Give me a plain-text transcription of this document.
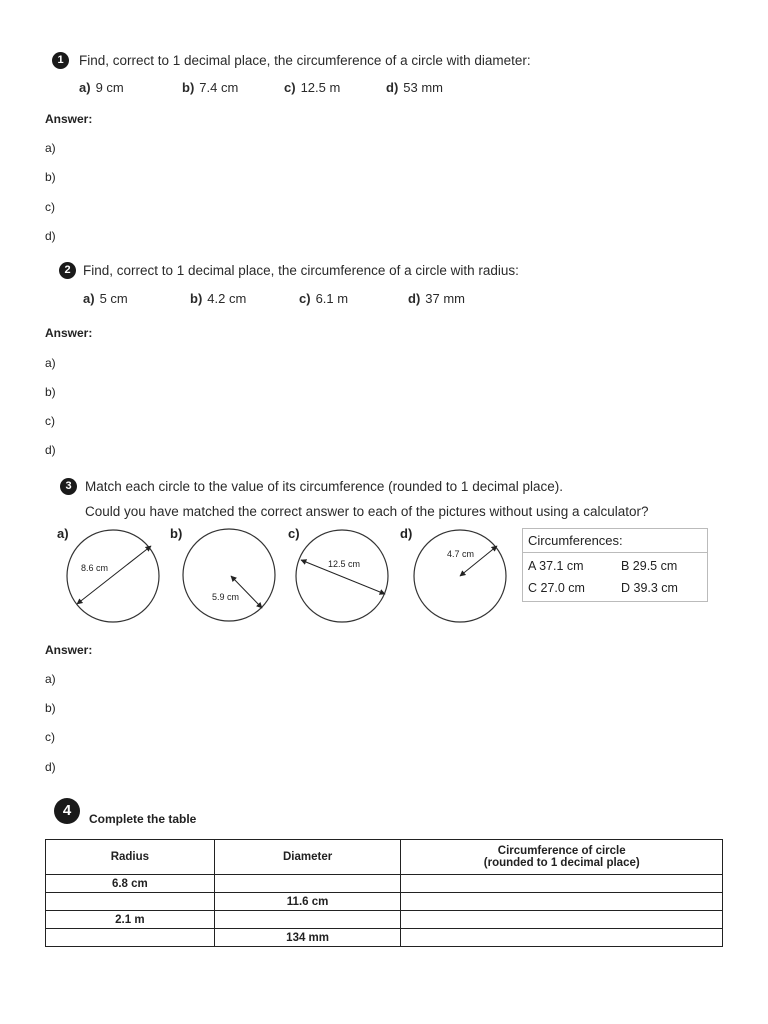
1	Find, correct to 1 decimal place, the circumference of a circle with diameter:
a) 9 cm	b) 7.4 cm	c) 12.5 m	d) 53 mm
Answer:
a)
b)
c)
d)
2 Find, correct to 1 decimal place, the circumference of a circle with radius:
a) 5 cm	b) 4.2 cm	c) 6.1 m	d) 37 mm
Answer:
a)
b)
c)
d)
3 Match each circle to the value of its circumference (rounded to 1 decimal place).
Could you have matched the correct answer to each of the pictures without using a calculator?
a)	b)	c)	d)
8.6 cm
5.9 cm
12.5 cm
4.7 cm
Circumferences:
A 37.1 cm	B 29.5 cm
C 27.0 cm	D 39.3 cm
Answer:
a)
b)
c)
d)
4	Complete the table
Radius	Diameter	Circumference of circle
(rounded to 1 decimal place)

6.8 cm		
	11.6 cm	
2.1 m		
	134 mm	
